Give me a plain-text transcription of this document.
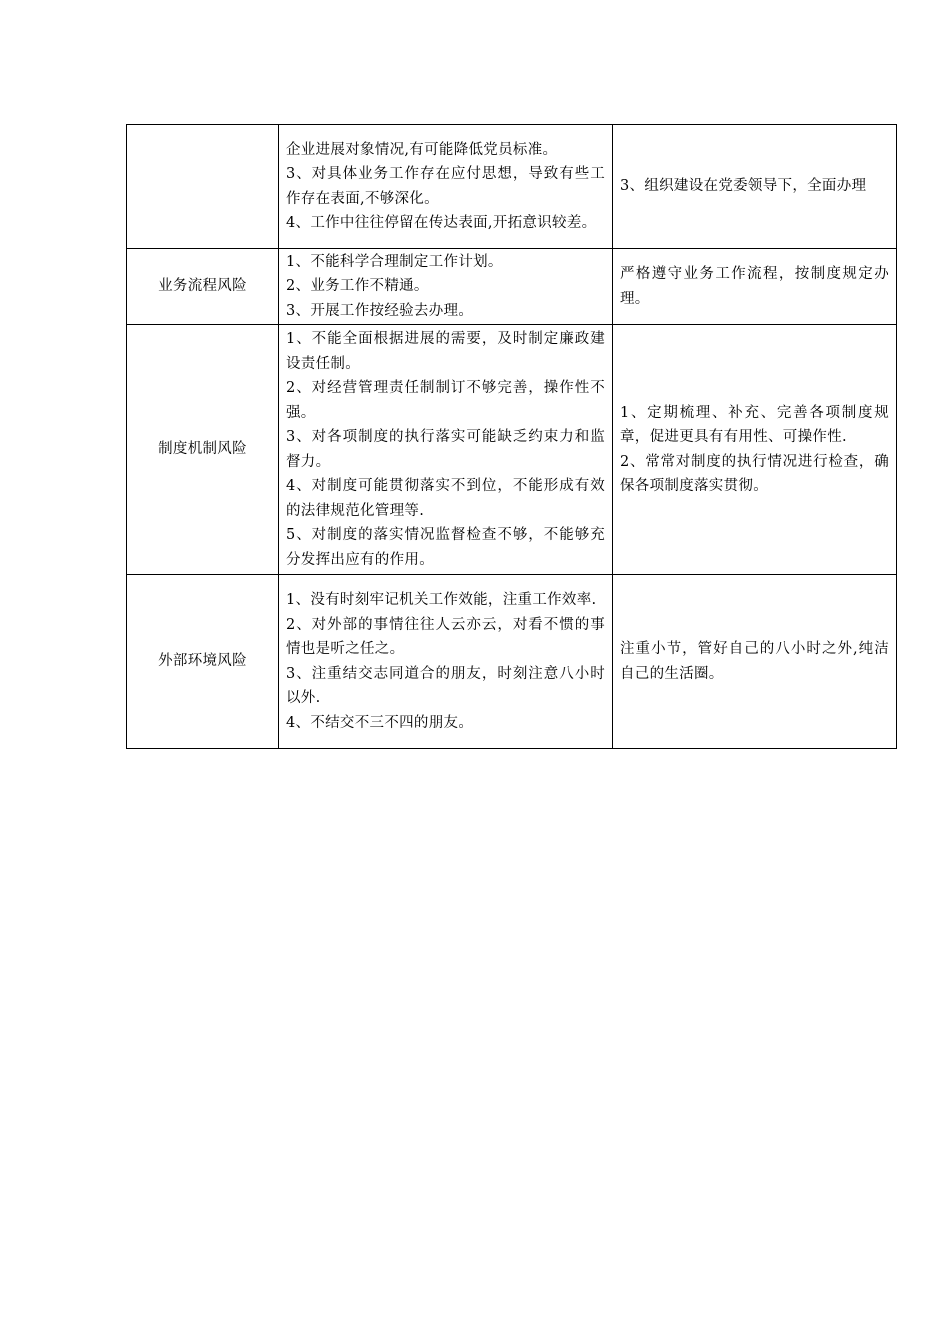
	企业进展对象情况,有可能降低党员标准。
3、对具体业务工作存在应付思想，导致有些工作存在表面,不够深化。
4、工作中往往停留在传达表面,开拓意识较差。	3、组织建设在党委领导下，全面办理

业务流程风险	1、不能科学合理制定工作计划。
2、业务工作不精通。
3、开展工作按经验去办理。	严格遵守业务工作流程，按制度规定办理。

制度机制风险	1、不能全面根据进展的需要，及时制定廉政建设责任制。
2、对经营管理责任制制订不够完善，操作性不强。
3、对各项制度的执行落实可能缺乏约束力和监督力。
4、对制度可能贯彻落实不到位，不能形成有效的法律规范化管理等.
5、对制度的落实情况监督检查不够，不能够充分发挥出应有的作用。	1、定期梳理、补充、完善各项制度规章，促进更具有有用性、可操作性.
2、常常对制度的执行情况进行检查，确保各项制度落实贯彻。

外部环境风险	1、没有时刻牢记机关工作效能，注重工作效率.
2、对外部的事情往往人云亦云，对看不惯的事情也是听之任之。
3、注重结交志同道合的朋友，时刻注意八小时以外.
4、不结交不三不四的朋友。	注重小节，管好自己的八小时之外,纯洁自己的生活圈。
